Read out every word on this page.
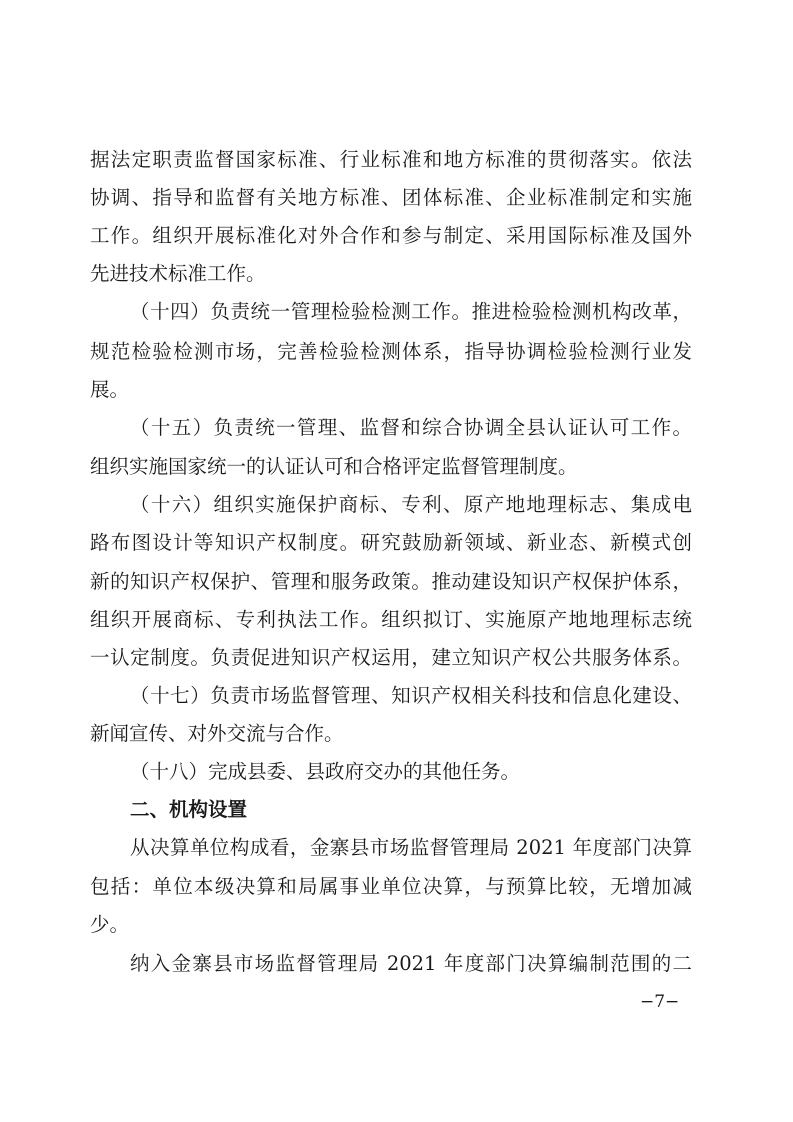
据法定职责监督国家标准、行业标准和地方标准的贯彻落实。依法
协调、指导和监督有关地方标准、团体标准、企业标准制定和实施
工作。组织开展标准化对外合作和参与制定、采用国际标准及国外
先进技术标准工作。
（十四）负责统一管理检验检测工作。推进检验检测机构改革，
规范检验检测市场，完善检验检测体系，指导协调检验检测行业发
展。
（十五）负责统一管理、监督和综合协调全县认证认可工作。
组织实施国家统一的认证认可和合格评定监督管理制度。
（十六）组织实施保护商标、专利、原产地地理标志、集成电
路布图设计等知识产权制度。研究鼓励新领域、新业态、新模式创
新的知识产权保护、管理和服务政策。推动建设知识产权保护体系，
组织开展商标、专利执法工作。组织拟订、实施原产地地理标志统
一认定制度。负责促进知识产权运用，建立知识产权公共服务体系。
（十七）负责市场监督管理、知识产权相关科技和信息化建设、
新闻宣传、对外交流与合作。
（十八）完成县委、县政府交办的其他任务。
二、机构设置
从决算单位构成看，金寨县市场监督管理局 2021 年度部门决算
包括：单位本级决算和局属事业单位决算，与预算比较，无增加减
少。
纳入金寨县市场监督管理局 2021 年度部门决算编制范围的二
−7−
